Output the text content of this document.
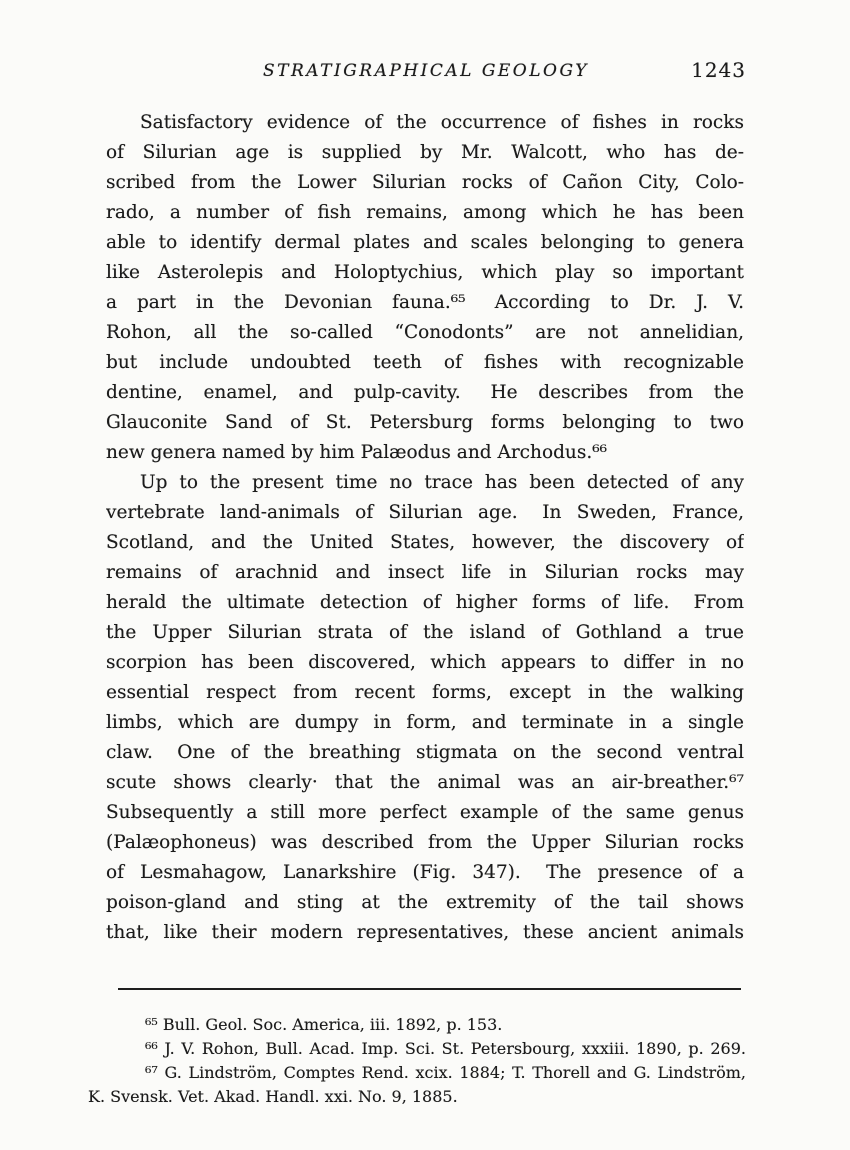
STRATIGRAPHICAL GEOLOGY	1243
Satisfactory evidence of the occurrence of fishes in rocks
of Silurian age is supplied by Mr. Walcott, who has de-
scribed from the Lower Silurian rocks of Cañon City, Colo-
rado, a number of fish remains, among which he has been
able to identify dermal plates and scales belonging to genera
like Asterolepis and Holoptychius, which play so important
a part in the Devonian fauna.⁶⁵  According to Dr. J. V.
Rohon, all the so-called “Conodonts” are not annelidian,
but include undoubted teeth of fishes with recognizable
dentine, enamel, and pulp-cavity.  He describes from the
Glauconite Sand of St. Petersburg forms belonging to two
new genera named by him Palæodus and Archodus.⁶⁶
Up to the present time no trace has been detected of any
vertebrate land-animals of Silurian age.  In Sweden, France,
Scotland, and the United States, however, the discovery of
remains of arachnid and insect life in Silurian rocks may
herald the ultimate detection of higher forms of life.  From
the Upper Silurian strata of the island of Gothland a true
scorpion has been discovered, which appears to differ in no
essential respect from recent forms, except in the walking
limbs, which are dumpy in form, and terminate in a single
claw.  One of the breathing stigmata on the second ventral
scute shows clearly· that the animal was an air-breather.⁶⁷
Subsequently a still more perfect example of the same genus
(Palæophoneus) was described from the Upper Silurian rocks
of Lesmahagow, Lanarkshire (Fig. 347).  The presence of a
poison-gland and sting at the extremity of the tail shows
that, like their modern representatives, these ancient animals
⁶⁵ Bull. Geol. Soc. America, iii. 1892, p. 153.
⁶⁶ J. V. Rohon, Bull. Acad. Imp. Sci. St. Petersbourg, xxxiii. 1890, p. 269.
⁶⁷ G. Lindström, Comptes Rend. xcix. 1884; T. Thorell and G. Lindström,
K. Svensk. Vet. Akad. Handl. xxi. No. 9, 1885.
